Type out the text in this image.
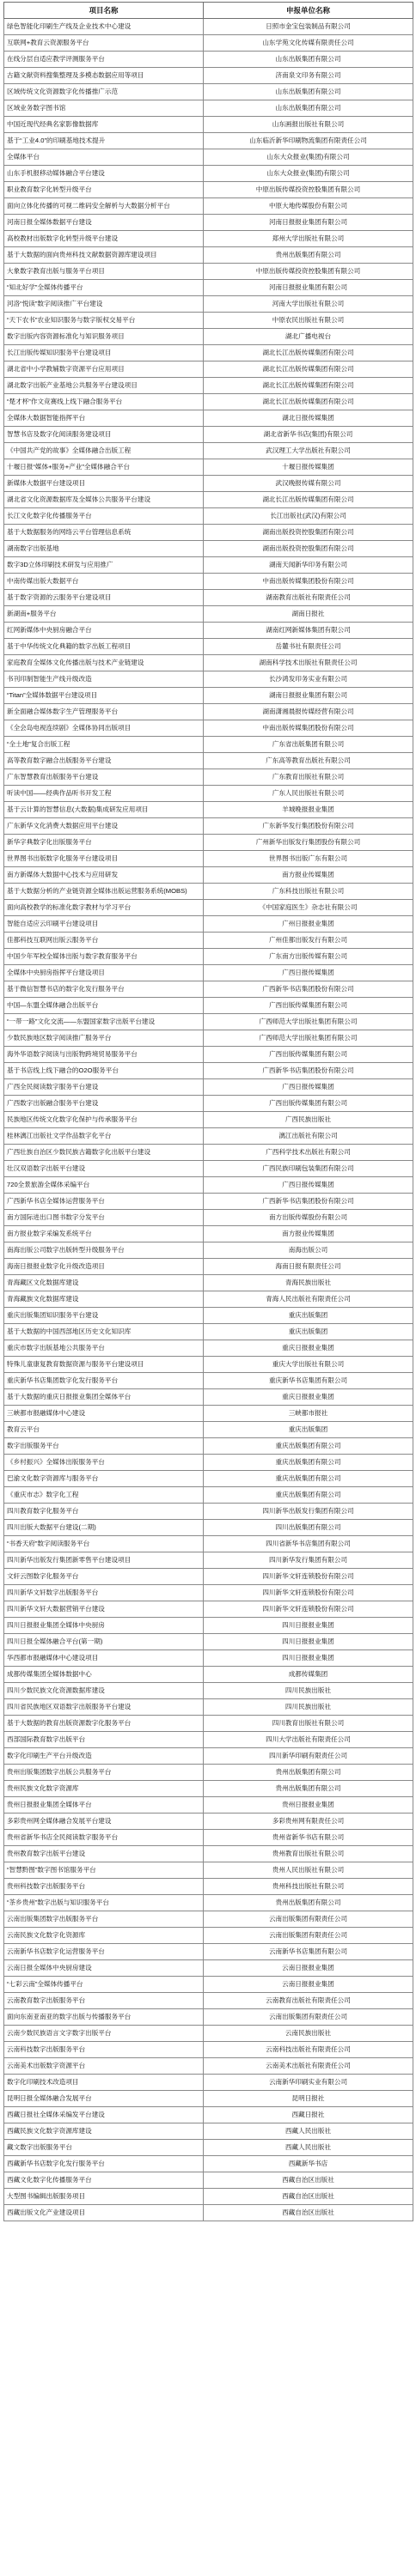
项目名称	申报单位名称
绿色智能化印刷生产线及企业技术中心建设	日照市金宝包装制品有限公司
互联网+教育云资源服务平台	山东学苑文化传媒有限责任公司
在线分层自适应教学评测服务平台	山东出版集团有限公司
古籍文献资料搜集整理及多模态数据应用等项目	济南泉文印务有限公司
区域传统文化资源数字化传播推广示范	山东出版集团有限公司
区域业务数字图书馆	山东出版集团有限公司
中国近现代经典名家影像数据库	山东画报出版社有限公司
基于“工业4.0”的印刷基地技术提升	山东临沂新华印刷物流集团有限责任公司
全媒体平台	山东大众报业(集团)有限公司
山东手机报移动媒体融合平台建设	山东大众报业(集团)有限公司
职业教育数字化转型升级平台	中原出版传媒投资控股集团有限公司
面向立体化传播的可视二维码安全解析与大数据分析平台	中原大地传媒股份有限公司
河南日报全媒体数据平台建设	河南日报报业集团有限公司
高校教材出版数字化转型升级平台建设	郑州大学出版社有限公司
基于大数据的面向贵州科技文献数据资源库建设项目	贵州出版集团有限公司
大象数字教育出版与服务平台项目	中原出版传媒投资控股集团有限公司
“知北好学”全媒体传播平台	河南日报报业集团有限公司
河洛“悦读”数字阅读推广平台建设	河南大学出版社有限公司
“天下农书”农业知识服务与数字版权交易平台	中原农民出版社有限公司
数字出版内容资源标准化与知识服务项目	湖北广播电视台
长江出版传媒知识服务平台建设项目	湖北长江出版传媒集团有限公司
湖北省中小学教辅数字资源平台应用项目	湖北长江出版传媒集团有限公司
湖北数字出版产业基地公共服务平台建设项目	湖北长江出版传媒集团有限公司
“楚才杯”作文竞赛线上线下融合服务平台	湖北长江出版传媒集团有限公司
全媒体大数据智能指挥平台	湖北日报传媒集团
智慧书店及数字化阅读服务建设项目	湖北省新华书店(集团)有限公司
《中国共产党的故事》全媒体融合出版工程	武汉理工大学出版社有限公司
十堰日报“媒体+服务+产业”全媒体融合平台	十堰日报传媒集团
新媒体大数据平台建设项目	武汉晚报传媒有限公司
湖北省文化资源数据库及全媒体公共服务平台建设	湖北长江出版传媒集团有限公司
长江文化数字化传播服务平台	长江出版社(武汉)有限公司
基于大数据服务的网络云平台管理信息系统	湖南出版投资控股集团有限公司
湖南数字出版基地	湖南出版投资控股集团有限公司
数字3D立体印刷技术研发与应用推广	湖南天闻新华印务有限公司
中南传媒出版大数据平台	中南出版传媒集团股份有限公司
基于数字资源的云服务平台建设项目	湖南教育出版社有限责任公司
新湖南+服务平台	湖南日报社
红网新媒体中央厨房融合平台	湖南红网新媒体集团有限公司
基于中华传统文化典籍的数字出版工程项目	岳麓书社有限责任公司
家庭教育全媒体文化传播出版与技术产业链建设	湖南科学技术出版社有限责任公司
书刊印制智能生产线升级改造	长沙鸿发印务实业有限公司
“Titan”全媒体数据平台建设项目	湖南日报报业集团有限公司
新全面融合媒体数字生产管理服务平台	湖南潇湘晨报传媒经营有限公司
《全会岛电视连续剧》全媒体协同出版项目	中南出版传媒集团股份有限公司
“全土地”复合出版工程	广东省出版集团有限公司
高等教育数字融合出版服务平台建设	广东高等教育出版社有限公司
广东智慧教育出版服务平台建设	广东教育出版社有限公司
听读中国——经典作品听书开发工程	广东人民出版社有限公司
基于云计算的智慧信息(大数据)集成研发应用项目	羊城晚报报业集团
广东新华文化消费大数据应用平台建设	广东新华发行集团股份有限公司
新华字典数字化出版服务平台	广州新华出版发行集团股份有限公司
世界图书出版数字化服务平台建设项目	世界图书出版广东有限公司
南方新媒体大数据中心技术与应用研发	南方报业传媒集团
基于大数据分析的产业链资源全媒体出版运营服务系统(MOBS)	广东科技出版社有限公司
面向高校教学的标准化数字教材与学习平台	《中国家庭医生》杂志社有限公司
智能自适应云印刷平台建设项目	广州日报报业集团
佳都科技互联网出版云服务平台	广州佳都出版发行有限公司
中国少年军校全媒体出版与数字教育服务平台	广东南方出版传媒有限公司
全媒体中央厨房指挥平台建设项目	广西日报传媒集团
基于微信智慧书店的数字化发行服务平台	广西新华书店集团股份有限公司
中国—东盟全媒体融合出版平台	广西出版传媒集团有限公司
“一带一路”文化交流——东盟国家数字出版平台建设	广西师范大学出版社集团有限公司
少数民族地区数字阅读推广服务平台	广西师范大学出版社集团有限公司
海外华语数字阅读与出版物跨境贸易服务平台	广西出版传媒集团有限公司
基于书店线上线下融合的O2O服务平台	广西新华书店集团股份有限公司
广西全民阅读数字服务平台建设	广西日报传媒集团
广西数字出版融合服务平台建设	广西出版传媒集团有限公司
民族地区传统文化数字化保护与传承服务平台	广西民族出版社
桂林漓江出版社文学作品数字化平台	漓江出版社有限公司
广西壮族自治区少数民族古籍数字化出版平台建设	广西科学技术出版社有限公司
壮汉双语数字出版平台建设	广西民族印刷包装集团有限公司
720全景旅游全媒体采编平台	广西日报传媒集团
广西新华书店全媒体运营服务平台	广西新华书店集团股份有限公司
南方国际进出口图书数字分发平台	南方出版传媒股份有限公司
南方报业数字采编发系统平台	南方报业传媒集团
南海出版公司数字出版转型升级服务平台	南海出版公司
海南日报报业数字化升级改造项目	海南日报有限责任公司
青海藏区文化数据库建设	青海民族出版社
青海藏族文化数据库建设	青海人民出版社有限责任公司
重庆出版集团知识服务平台建设	重庆出版集团
基于大数据的中国西部地区历史文化知识库	重庆出版集团
重庆市数字出版基地公共服务平台	重庆日报报业集团
特殊儿童康复教育数据资源与服务平台建设项目	重庆大学出版社有限公司
重庆新华书店集团数字化发行服务平台	重庆新华书店集团有限公司
基于大数据的重庆日报报业集团全媒体平台	重庆日报报业集团
三峡都市报融媒体中心建设	三峡都市报社
教育云平台	重庆出版集团
数字出版服务平台	重庆出版集团有限公司
《乡村振兴》全媒体出版服务平台	重庆出版集团有限公司
巴渝文化数字资源库与服务平台	重庆出版集团有限公司
《重庆市志》数字化工程	重庆出版集团有限公司
四川教育数字化服务平台	四川新华出版发行集团有限公司
四川出版大数据平台建设(二期)	四川出版集团有限公司
“书香天府”数字阅读服务平台	四川省新华书店集团有限公司
四川新华出版发行集团新零售平台建设项目	四川新华发行集团有限公司
文轩云图数字化服务平台	四川新华文轩连锁股份有限公司
四川新华文轩数字出版服务平台	四川新华文轩连锁股份有限公司
四川新华文轩大数据营销平台建设	四川新华文轩连锁股份有限公司
四川日报报业集团全媒体中央厨房	四川日报报业集团
四川日报全媒体融合平台(第一期)	四川日报报业集团
华西都市报融媒体中心建设项目	四川日报报业集团
成都传媒集团全媒体数据中心	成都传媒集团
四川少数民族文化资源数据库建设	四川民族出版社
四川省民族地区双语数字出版服务平台建设	四川民族出版社
基于大数据的教育出版资源数字化服务平台	四川教育出版社有限公司
西部国际教育数字出版平台	四川大学出版社有限责任公司
数字化印刷生产平台升级改造	四川新华印刷有限责任公司
贵州出版集团数字出版公共服务平台	贵州出版集团有限公司
贵州民族文化数字资源库	贵州出版集团有限公司
贵州日报报业集团全媒体平台	贵州日报报业集团
多彩贵州网全媒体融合发展平台建设	多彩贵州网有限责任公司
贵州省新华书店全民阅读数字服务平台	贵州省新华书店有限公司
贵州教育数字出版平台建设	贵州教育出版社有限公司
“智慧黔图”数字图书馆服务平台	贵州人民出版社有限公司
贵州科技数字出版服务平台	贵州科技出版社有限公司
“茶乡贵州”数字出版与知识服务平台	贵州出版集团有限公司
云南出版集团数字出版服务平台	云南出版集团有限责任公司
云南民族文化数字化资源库	云南出版集团有限责任公司
云南新华书店数字化运营服务平台	云南新华书店集团有限公司
云南日报全媒体中央厨房建设	云南日报报业集团
“七彩云南”全媒体传播平台	云南日报报业集团
云南教育数字出版服务平台	云南教育出版社有限责任公司
面向东南亚南亚的数字出版与传播服务平台	云南出版集团有限责任公司
云南少数民族语言文字数字出版平台	云南民族出版社
云南科技数字出版服务平台	云南科技出版社有限责任公司
云南美术出版数字资源平台	云南美术出版社有限责任公司
数字化印刷技术改造项目	云南新华印刷实业有限公司
昆明日报全媒体融合发展平台	昆明日报社
西藏日报社全媒体采编发平台建设	西藏日报社
西藏民族文化数字资源库建设	西藏人民出版社
藏文数字出版服务平台	西藏人民出版社
西藏新华书店数字化发行服务平台	西藏新华书店
西藏文化数字化传播服务平台	西藏自治区出版社
大型图书编辑出版服务项目	西藏自治区出版社
西藏出版文化产业建设项目	西藏自治区出版社
